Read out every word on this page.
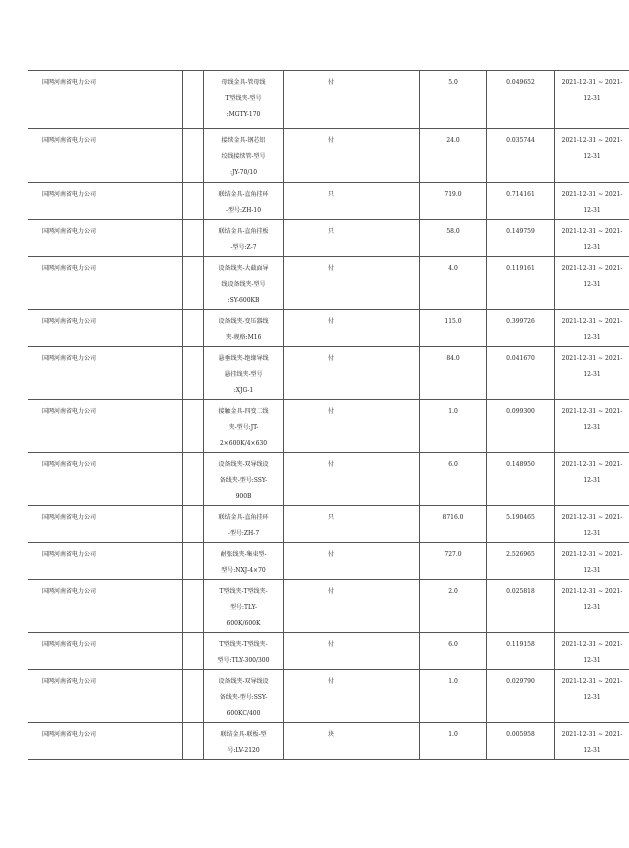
国网河南省电力公司		母线金具-管母线
T型线夹-型号
:MGTY-170	付	5.0	0.049652	2021-12-31 ~ 2021-
12-31

国网河南省电力公司		接续金具-钢芯铝
绞线接续管-型号
:JY-70/10	付	24.0	0.035744	2021-12-31 ~ 2021-
12-31

国网河南省电力公司		联结金具-直角挂环
-型号:ZH-10	只	719.0	0.714161	2021-12-31 ~ 2021-
12-31

国网河南省电力公司		联结金具-直角挂板
-型号:Z-7	只	58.0	0.149759	2021-12-31 ~ 2021-
12-31

国网河南省电力公司		设备线夹-大截面导
线设备线夹-型号
:SY-600KB	付	4.0	0.119161	2021-12-31 ~ 2021-
12-31

国网河南省电力公司		设备线夹-变压器线
夹-规格:M16	付	115.0	0.399726	2021-12-31 ~ 2021-
12-31

国网河南省电力公司		悬垂线夹-绝缘导线
悬挂线夹-型号
:XJG-1	付	84.0	0.041670	2021-12-31 ~ 2021-
12-31

国网河南省电力公司		接触金具-四变二线
夹-型号:JT-
2×600K/4×630	付	1.0	0.099300	2021-12-31 ~ 2021-
12-31

国网河南省电力公司		设备线夹-双导线设
备线夹-型号:SSY-
900B	付	6.0	0.148950	2021-12-31 ~ 2021-
12-31

国网河南省电力公司		联结金具-直角挂环
-型号:ZH-7	只	8716.0	5.190465	2021-12-31 ~ 2021-
12-31

国网河南省电力公司		耐张线夹-集束型-
型号:NXJ-4×70	付	727.0	2.526965	2021-12-31 ~ 2021-
12-31

国网河南省电力公司		T型线夹-T型线夹-
型号:TLY-
600K/600K	付	2.0	0.025818	2021-12-31 ~ 2021-
12-31

国网河南省电力公司		T型线夹-T型线夹-
型号:TLY-300/300	付	6.0	0.119158	2021-12-31 ~ 2021-
12-31

国网河南省电力公司		设备线夹-双导线设
备线夹-型号:SSY-
600KC/400	付	1.0	0.029790	2021-12-31 ~ 2021-
12-31

国网河南省电力公司		联结金具-联板-型
号:LV-2120	块	1.0	0.005958	2021-12-31 ~ 2021-
12-31
